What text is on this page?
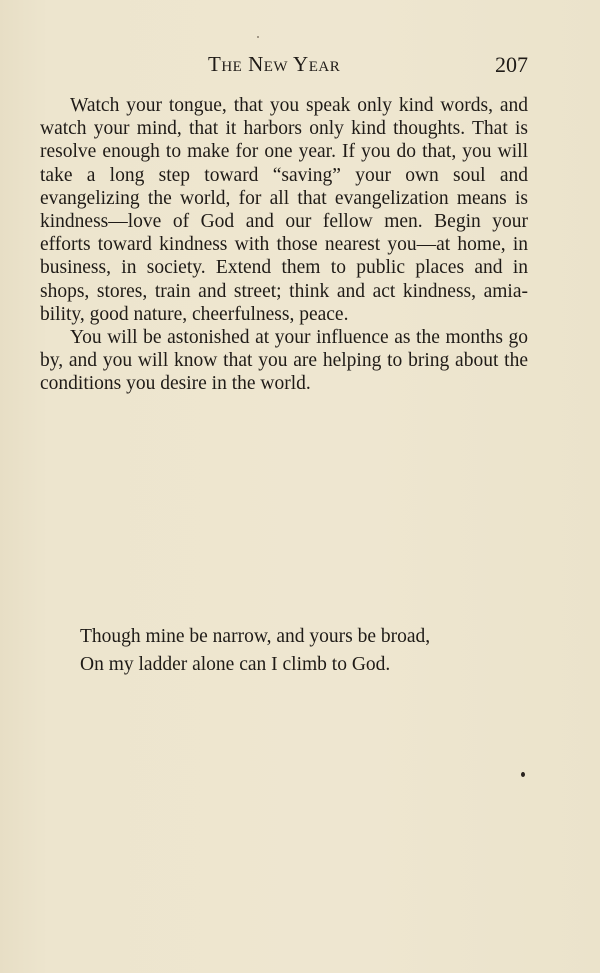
The New Year	207

Watch your tongue, that you speak only kind words, and watch your mind, that it harbors only kind thoughts. That is resolve enough to make for one year. If you do that, you will take a long step toward “saving” your own soul and evangelizing the world, for all that evangelization means is kindness—love of God and our fellow men. Begin your efforts toward kindness with those nearest you—at home, in business, in society. Extend them to public places and in shops, stores, train and street; think and act kindness, amiability, good nature, cheerfulness, peace.

You will be astonished at your influence as the months go by, and you will know that you are helping to bring about the conditions you desire in the world.

Though mine be narrow, and yours be broad,
On my ladder alone can I climb to God.
